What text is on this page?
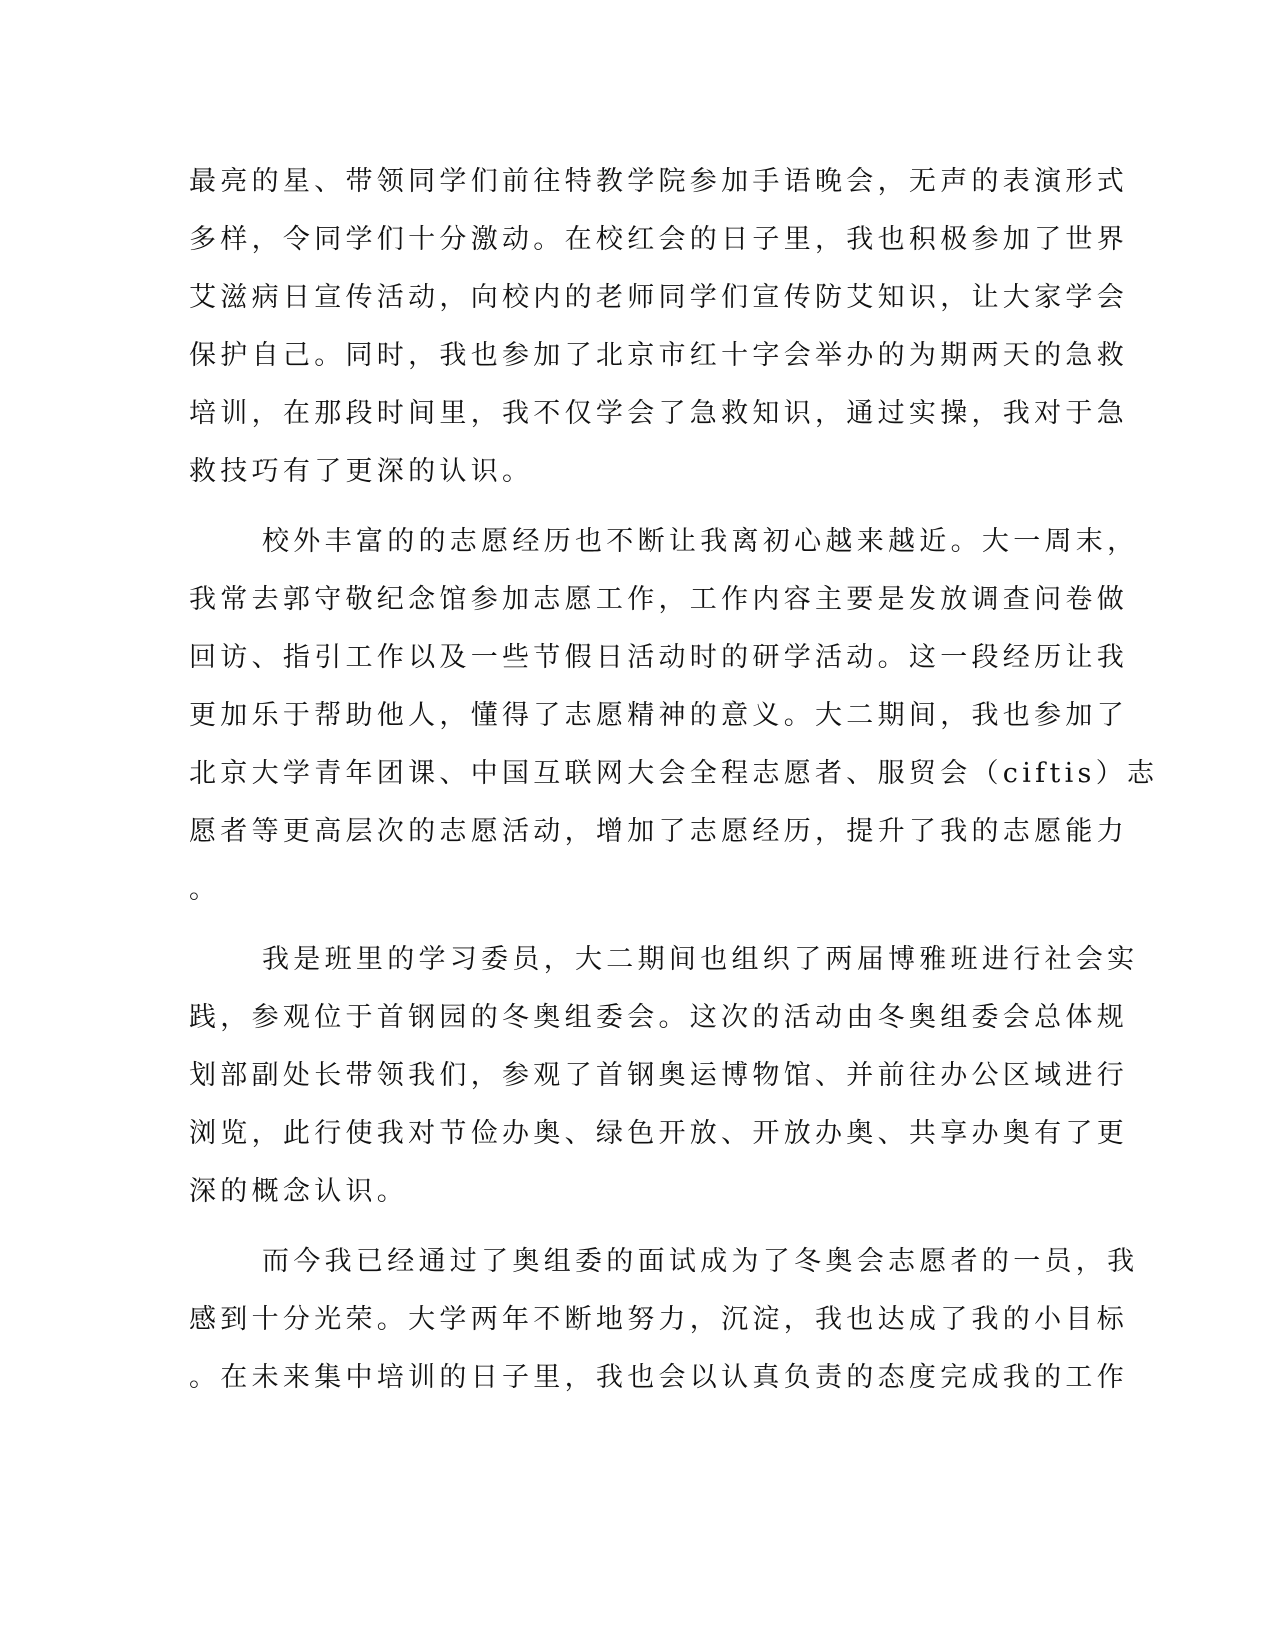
最亮的星、带领同学们前往特教学院参加手语晚会，无声的表演形式
多样，令同学们十分激动。在校红会的日子里，我也积极参加了世界
艾滋病日宣传活动，向校内的老师同学们宣传防艾知识，让大家学会
保护自己。同时，我也参加了北京市红十字会举办的为期两天的急救
培训，在那段时间里，我不仅学会了急救知识，通过实操，我对于急
救技巧有了更深的认识。
校外丰富的的志愿经历也不断让我离初心越来越近。大一周末，
我常去郭守敬纪念馆参加志愿工作，工作内容主要是发放调查问卷做
回访、指引工作以及一些节假日活动时的研学活动。这一段经历让我
更加乐于帮助他人，懂得了志愿精神的意义。大二期间，我也参加了
北京大学青年团课、中国互联网大会全程志愿者、服贸会（ciftis）志
愿者等更高层次的志愿活动，增加了志愿经历，提升了我的志愿能力
。
我是班里的学习委员，大二期间也组织了两届博雅班进行社会实
践，参观位于首钢园的冬奥组委会。这次的活动由冬奥组委会总体规
划部副处长带领我们，参观了首钢奥运博物馆、并前往办公区域进行
浏览，此行使我对节俭办奥、绿色开放、开放办奥、共享办奥有了更
深的概念认识。
而今我已经通过了奥组委的面试成为了冬奥会志愿者的一员，我
感到十分光荣。大学两年不断地努力，沉淀，我也达成了我的小目标
。在未来集中培训的日子里，我也会以认真负责的态度完成我的工作
